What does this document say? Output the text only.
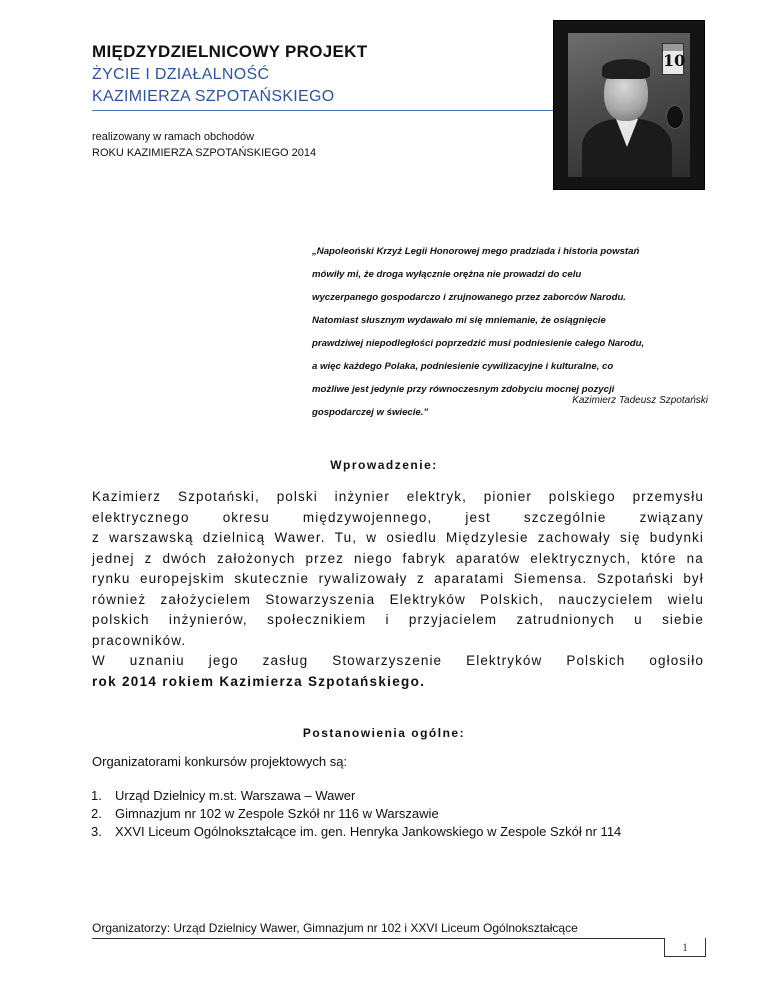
MIĘDZYDZIELNICOWY PROJEKT
ŻYCIE I DZIAŁALNOŚĆ
KAZIMIERZA SZPOTAŃSKIEGO
realizowany w ramach obchodów
ROKU KAZIMIERZA SZPOTAŃSKIEGO 2014
10
„Napoleoński Krzyż Legii Honorowej mego pradziada i historia powstań
mówiły mi, że droga wyłącznie orężna nie prowadzi do celu
wyczerpanego gospodarczo i zrujnowanego przez zaborców Narodu.
Natomiast słusznym wydawało mi się mniemanie, że osiągnięcie
prawdziwej niepodległości poprzedzić musi podniesienie całego Narodu,
a więc każdego Polaka, podniesienie cywilizacyjne i kulturalne, co
możliwe jest jedynie przy równoczesnym zdobyciu mocnej pozycji
gospodarczej w świecie.”
Kazimierz Tadeusz Szpotański
Wprowadzenie:
Kazimierz Szpotański, polski inżynier elektryk, pionier polskiego przemysłu
elektrycznego okresu międzywojennego, jest szczególnie związany
z warszawską dzielnicą Wawer. Tu, w osiedlu Międzylesie zachowały się budynki
jednej z dwóch założonych przez niego fabryk aparatów elektrycznych, które na
rynku europejskim skutecznie rywalizowały z aparatami Siemensa. Szpotański był
również założycielem Stowarzyszenia Elektryków Polskich, nauczycielem wielu
polskich inżynierów, społecznikiem i przyjacielem zatrudnionych u siebie
pracowników.
W uznaniu jego zasług Stowarzyszenie Elektryków Polskich ogłosiło
rok 2014 rokiem Kazimierza Szpotańskiego.
Postanowienia ogólne:
Organizatorami konkursów projektowych są:
1. Urząd Dzielnicy m.st. Warszawa – Wawer
2. Gimnazjum nr 102 w Zespole Szkół nr 116 w Warszawie
3. XXVI Liceum Ogólnokształcące im. gen. Henryka Jankowskiego w Zespole Szkół nr 114
Organizatorzy: Urząd Dzielnicy Wawer, Gimnazjum nr 102 i XXVI Liceum Ogólnokształcące
1
